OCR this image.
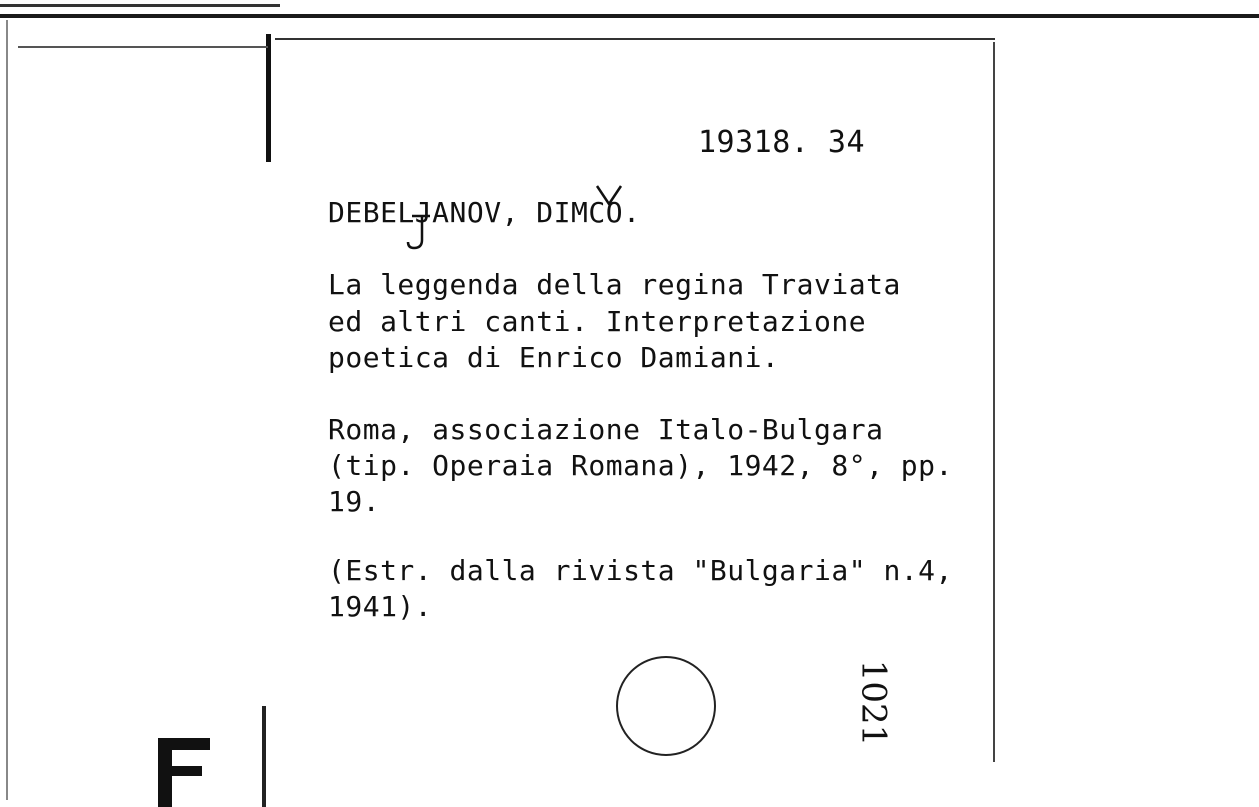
19318. 34
DEBELJANOV, DIMCO.
La leggenda della regina Traviata
ed altri canti. Interpretazione
poetica di Enrico Damiani.
Roma, associazione Italo-Bulgara
(tip. Operaia Romana), 1942, 8°, pp.
19.
(Estr. dalla rivista "Bulgaria" n.4,
1941).
1021
